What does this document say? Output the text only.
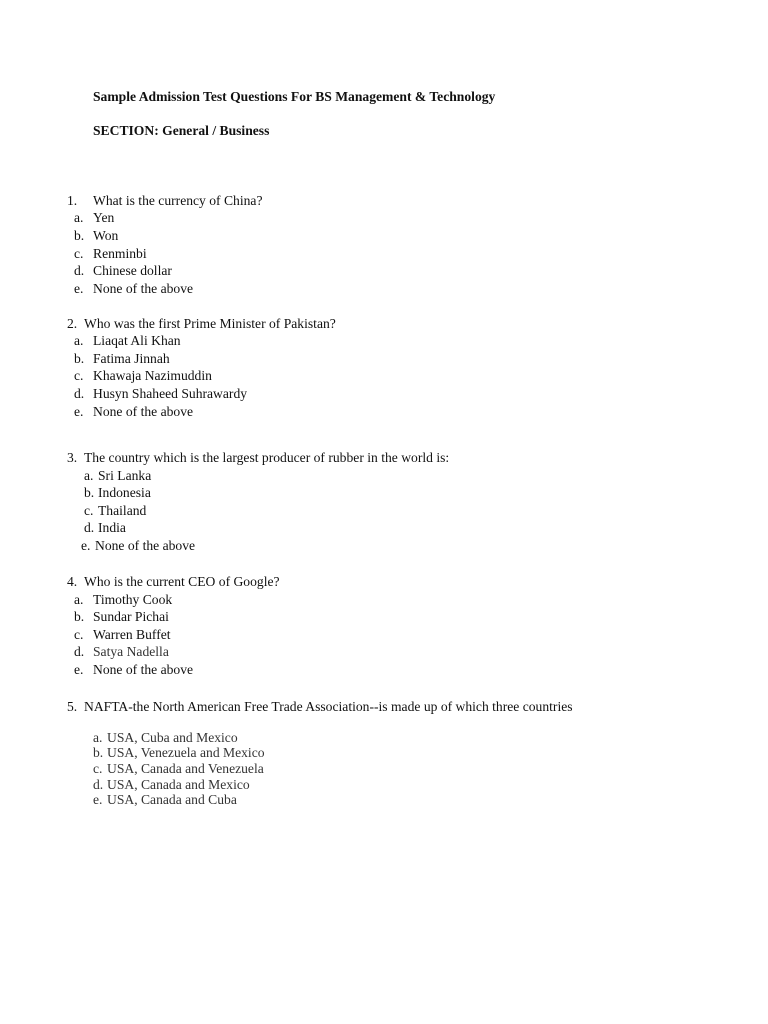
Sample Admission Test Questions For BS Management & Technology
SECTION: General / Business
1. What is the currency of China?
a. Yen
b. Won
c. Renminbi
d. Chinese dollar
e. None of the above
2. Who was the first Prime Minister of Pakistan?
a. Liaqat Ali Khan
b. Fatima Jinnah
c. Khawaja Nazimuddin
d. Husyn Shaheed Suhrawardy
e. None of the above
3. The country which is the largest producer of rubber in the world is:
a. Sri Lanka
b. Indonesia
c. Thailand
d. India
e. None of the above
4. Who is the current CEO of Google?
a. Timothy Cook
b. Sundar Pichai
c. Warren Buffet
d. Satya Nadella
e. None of the above
5. NAFTA-the North American Free Trade Association--is made up of which three countries
a. USA, Cuba and Mexico
b. USA, Venezuela and Mexico
c. USA, Canada and Venezuela
d. USA, Canada and Mexico
e. USA, Canada and Cuba
